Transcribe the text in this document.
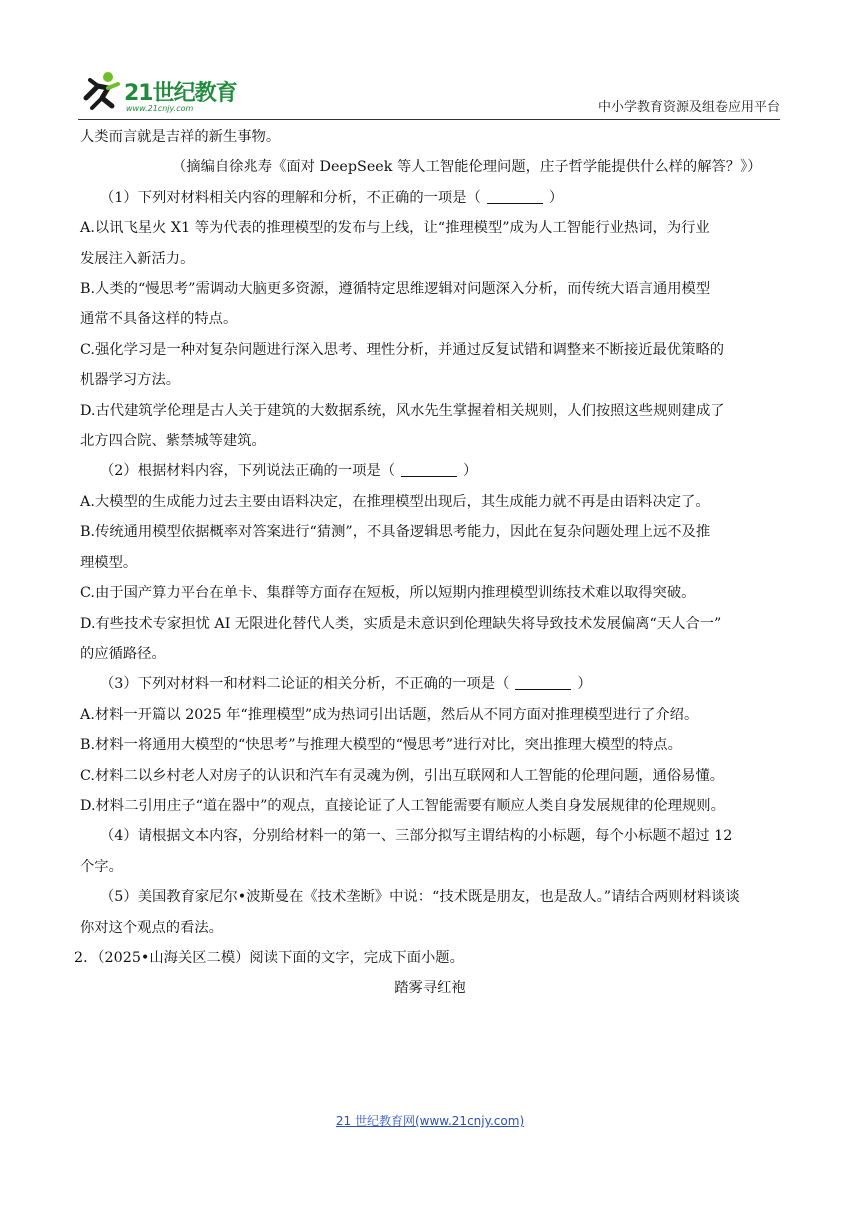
21世纪教育
www.21cnjy.com	中小学教育资源及组卷应用平台

人类而言就是吉祥的新生事物。

（摘编自徐兆寿《面对 DeepSeek 等人工智能伦理问题，庄子哲学能提供什么样的解答？》）

（1）下列对材料相关内容的理解和分析，不正确的一项是（	）

A.以讯飞星火 X1 等为代表的推理模型的发布与上线，让“推理模型”成为人工智能行业热词，为行业

发展注入新活力。

B.人类的“慢思考”需调动大脑更多资源，遵循特定思维逻辑对问题深入分析，而传统大语言通用模型

通常不具备这样的特点。

C.强化学习是一种对复杂问题进行深入思考、理性分析，并通过反复试错和调整来不断接近最优策略的

机器学习方法。

D.古代建筑学伦理是古人关于建筑的大数据系统，风水先生掌握着相关规则，人们按照这些规则建成了

北方四合院、紫禁城等建筑。

（2）根据材料内容，下列说法正确的一项是（	）

A.大模型的生成能力过去主要由语料决定，在推理模型出现后，其生成能力就不再是由语料决定了。

B.传统通用模型依据概率对答案进行“猜测”，不具备逻辑思考能力，因此在复杂问题处理上远不及推

理模型。

C.由于国产算力平台在单卡、集群等方面存在短板，所以短期内推理模型训练技术难以取得突破。

D.有些技术专家担忧 AI 无限进化替代人类，实质是未意识到伦理缺失将导致技术发展偏离“天人合一”

的应循路径。

（3）下列对材料一和材料二论证的相关分析，不正确的一项是（	）

A.材料一开篇以 2025 年“推理模型”成为热词引出话题，然后从不同方面对推理模型进行了介绍。

B.材料一将通用大模型的“快思考”与推理大模型的“慢思考”进行对比，突出推理大模型的特点。

C.材料二以乡村老人对房子的认识和汽车有灵魂为例，引出互联网和人工智能的伦理问题，通俗易懂。

D.材料二引用庄子“道在器中”的观点，直接论证了人工智能需要有顺应人类自身发展规律的伦理规则。

（4）请根据文本内容，分别给材料一的第一、三部分拟写主谓结构的小标题，每个小标题不超过 12

个字。

（5）美国教育家尼尔•波斯曼在《技术垄断》中说：“技术既是朋友，也是敌人。”请结合两则材料谈谈

你对这个观点的看法。

2．（2025•山海关区二模）阅读下面的文字，完成下面小题。

踏雾寻红袍

21 世纪教育网(www.21cnjy.com)
